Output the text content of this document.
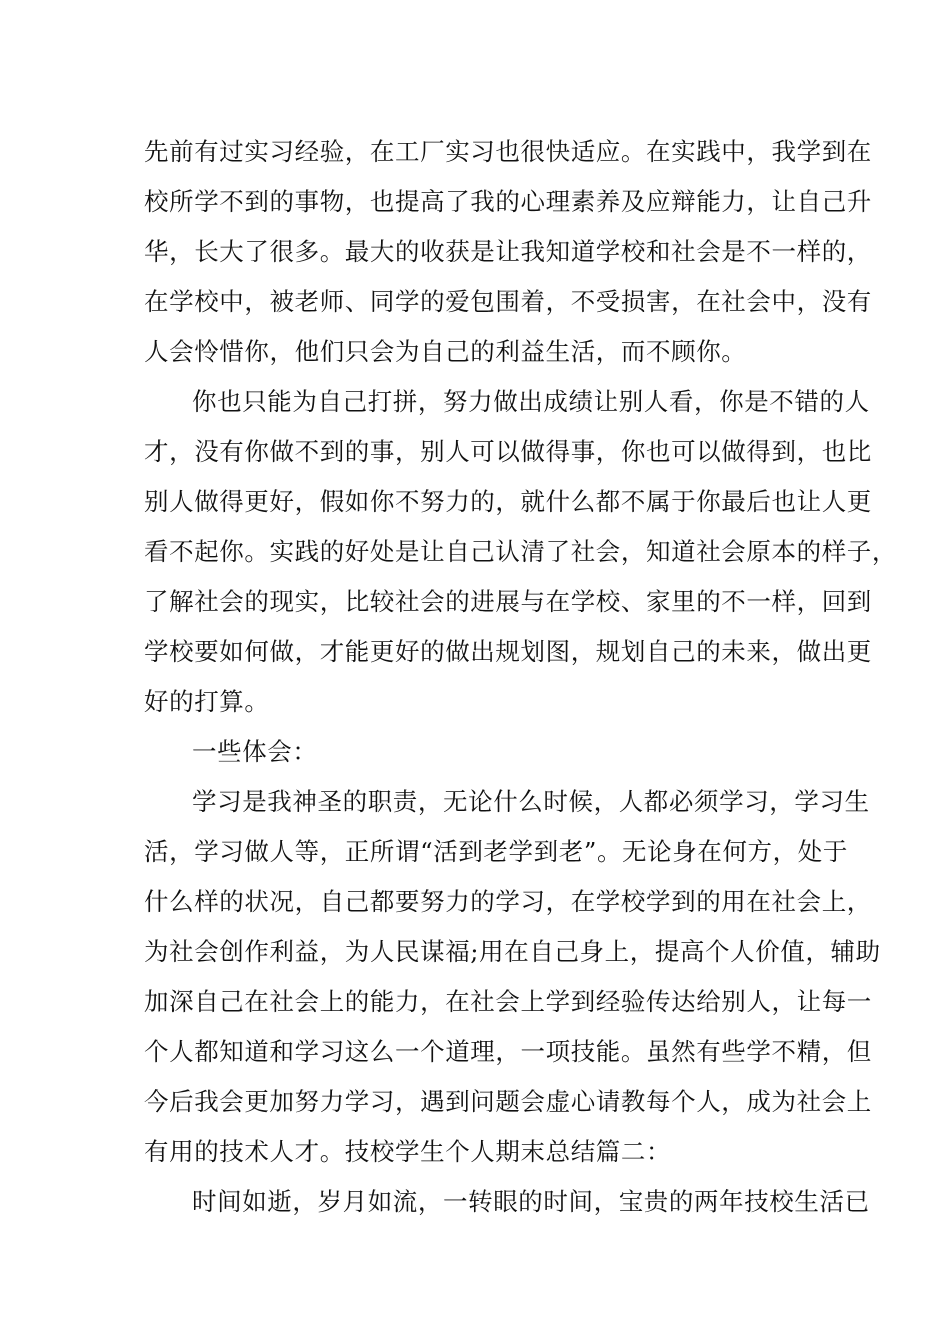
先前有过实习经验，在工厂实习也很快适应。在实践中，我学到在
校所学不到的事物，也提高了我的心理素养及应辩能力，让自己升
华，长大了很多。最大的收获是让我知道学校和社会是不一样的，
在学校中，被老师、同学的爱包围着，不受损害，在社会中，没有
人会怜惜你，他们只会为自己的利益生活，而不顾你。
你也只能为自己打拼，努力做出成绩让别人看，你是不错的人
才，没有你做不到的事，别人可以做得事，你也可以做得到，也比
别人做得更好，假如你不努力的，就什么都不属于你最后也让人更
看不起你。实践的好处是让自己认清了社会，知道社会原本的样子，
了解社会的现实，比较社会的进展与在学校、家里的不一样，回到
学校要如何做，才能更好的做出规划图，规划自己的未来，做出更
好的打算。
一些体会：
学习是我神圣的职责，无论什么时候，人都必须学习，学习生
活，学习做人等，正所谓“活到老学到老”。无论身在何方，处于
什么样的状况，自己都要努力的学习，在学校学到的用在社会上，
为社会创作利益，为人民谋福;用在自己身上，提高个人价值，辅助
加深自己在社会上的能力，在社会上学到经验传达给别人，让每一
个人都知道和学习这么一个道理，一项技能。虽然有些学不精，但
今后我会更加努力学习，遇到问题会虚心请教每个人，成为社会上
有用的技术人才。技校学生个人期末总结篇二：
时间如逝，岁月如流，一转眼的时间，宝贵的两年技校生活已
